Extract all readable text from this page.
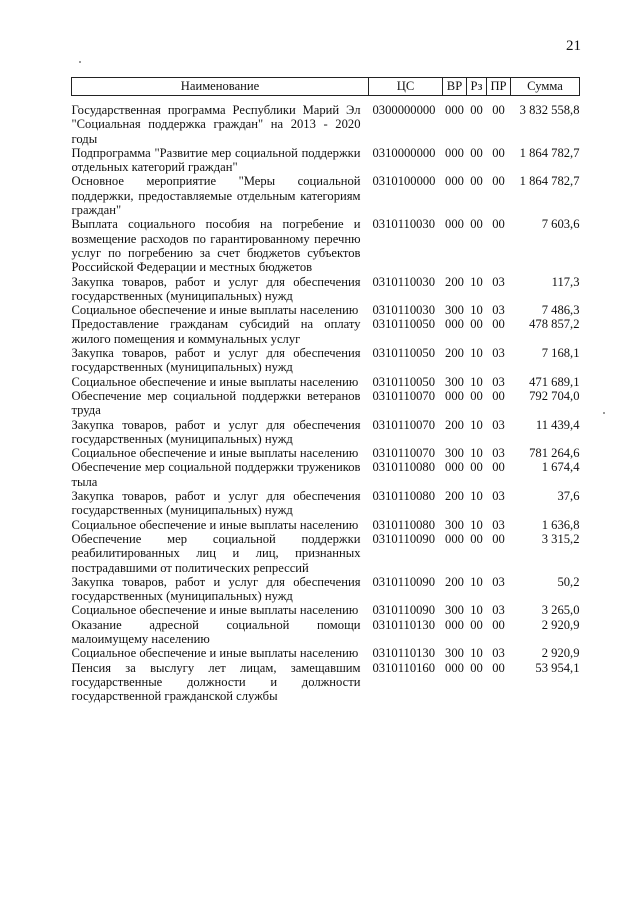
21
Наименование	ЦС	ВР	Рз	ПР	Сумма
Государственная программа Республики Марий Эл "Социальная поддержка граждан" на 2013 - 2020 годы	0300000000	000	00	00	3 832 558,8
Подпрограмма "Развитие мер социальной поддержки отдельных категорий граждан"	0310000000	000	00	00	1 864 782,7
Основное мероприятие "Меры социальной поддержки, предоставляемые отдельным категориям граждан"	0310100000	000	00	00	1 864 782,7
Выплата социального пособия на погребение и возмещение расходов по гарантированному перечню услуг по погребению за счет бюджетов субъектов Российской Федерации и местных бюджетов	0310110030	000	00	00	7 603,6
Закупка товаров, работ и услуг для обеспечения государственных (муниципальных) нужд	0310110030	200	10	03	117,3
Социальное обеспечение и иные выплаты населению	0310110030	300	10	03	7 486,3
Предоставление гражданам субсидий на оплату жилого помещения и коммунальных услуг	0310110050	000	00	00	478 857,2
Закупка товаров, работ и услуг для обеспечения государственных (муниципальных) нужд	0310110050	200	10	03	7 168,1
Социальное обеспечение и иные выплаты населению	0310110050	300	10	03	471 689,1
Обеспечение мер социальной поддержки ветеранов труда	0310110070	000	00	00	792 704,0
Закупка товаров, работ и услуг для обеспечения государственных (муниципальных) нужд	0310110070	200	10	03	11 439,4
Социальное обеспечение и иные выплаты населению	0310110070	300	10	03	781 264,6
Обеспечение мер социальной поддержки тружеников тыла	0310110080	000	00	00	1 674,4
Закупка товаров, работ и услуг для обеспечения государственных (муниципальных) нужд	0310110080	200	10	03	37,6
Социальное обеспечение и иные выплаты населению	0310110080	300	10	03	1 636,8
Обеспечение мер социальной поддержки реабилитированных лиц и лиц, признанных пострадавшими от политических репрессий	0310110090	000	00	00	3 315,2
Закупка товаров, работ и услуг для обеспечения государственных (муниципальных) нужд	0310110090	200	10	03	50,2
Социальное обеспечение и иные выплаты населению	0310110090	300	10	03	3 265,0
Оказание адресной социальной помощи малоимущему населению	0310110130	000	00	00	2 920,9
Социальное обеспечение и иные выплаты населению	0310110130	300	10	03	2 920,9
Пенсия за выслугу лет лицам, замещавшим государственные должности и должности государственной гражданской службы	0310110160	000	00	00	53 954,1
